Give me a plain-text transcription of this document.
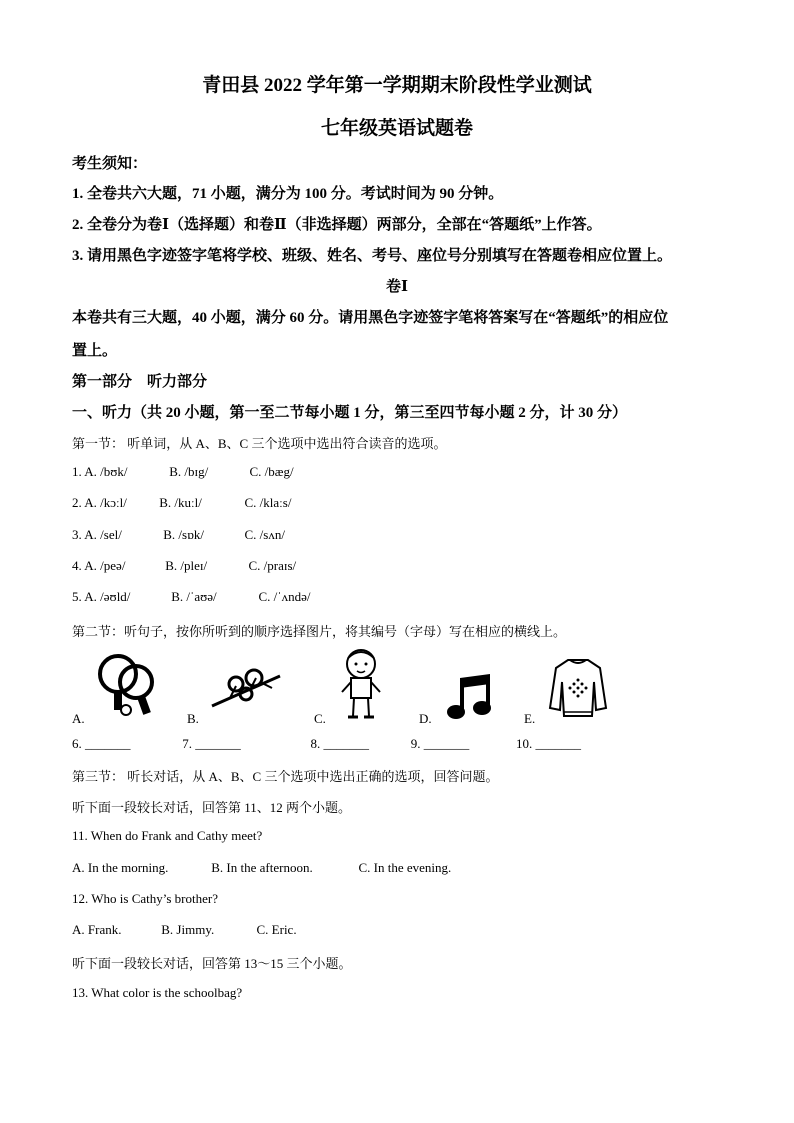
青田县 2022 学年第一学期期末阶段性学业测试
七年级英语试题卷
考生须知：
1. 全卷共六大题，71 小题，满分为 100 分。考试时间为 90 分钟。
2. 全卷分为卷Ⅰ（选择题）和卷Ⅱ（非选择题）两部分，全部在“答题纸”上作答。
3. 请用黑色字迹签字笔将学校、班级、姓名、考号、座位号分别填写在答题卷相应位置上。
卷Ⅰ
本卷共有三大题，40 小题，满分 60 分。请用黑色字迹签字笔将答案写在“答题纸”的相应位
置上。
第一部分　听力部分
一、听力（共 20 小题，第一至二节每小题 1 分，第三至四节每小题 2 分，计 30 分）
第一节： 听单词，从 A、B、C 三个选项中选出符合读音的选项。
1. A. /bʊk/	B. /bɪg/	C. /bæg/
2. A. /kɔːl/ B. /kuːl/	C. /klaːs/
3. A. /sel/	B. /sɒk/	C. /sʌn/
4. A. /peə/	B. /pleɪ/	C. /praɪs/
5. A. /əʊld/	B. /ˈaʊə/	C. /ˈʌndə/
第二节：听句子，按你所听到的顺序选择图片，将其编号（字母）写在相应的横线上。
A.	B.	C.	D.	E.
6. _______	7. _______	8. _______	9. _______	10. _______
第三节： 听长对话，从 A、B、C 三个选项中选出正确的选项，回答问题。
听下面一段较长对话，回答第 11、12 两个小题。
11. When do Frank and Cathy meet?
A. In the morning.	B. In the afternoon.	C. In the evening.
12. Who is Cathy’s brother?
A. Frank.	B. Jimmy.	C. Eric.
听下面一段较长对话，回答第 13～15 三个小题。
13. What color is the schoolbag?
